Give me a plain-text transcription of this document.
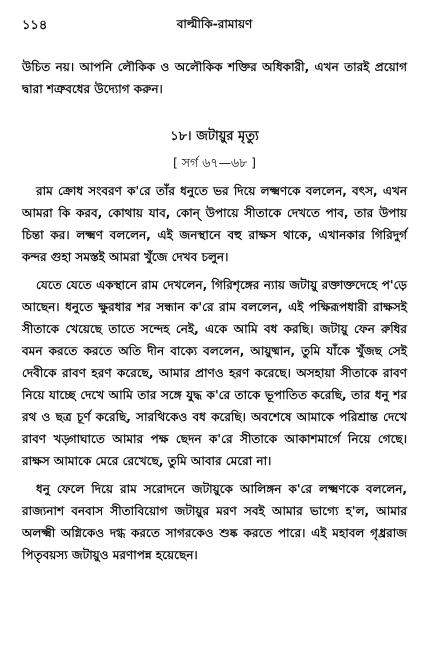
১১৪	বাল্মীকি-রামায়ণ

উচিত নয়। আপনি লৌকিক ও অলৌকিক শক্তির অধিকারী, এখন তারই প্রয়োগ দ্বারা শত্রুবধের উদ্যোগ করুন।

১৮। জটায়ুর মৃত্যু
[ সর্গ ৬৭—৬৮ ]

রাম ক্রোধ সংবরণ ক'রে তাঁর ধনুতে ভর দিয়ে লক্ষ্মণকে বললেন, বৎস, এখন আমরা কি করব, কোথায় যাব, কোন্ উপায়ে সীতাকে দেখতে পাব, তার উপায় চিন্তা কর। লক্ষ্মণ বললেন, এই জনস্থানে বহু রাক্ষস থাকে, এখানকার গিরিদুর্গ কন্দর গুহা সমস্তই আমরা খুঁজে দেখব চলুন।

যেতে যেতে একস্থানে রাম দেখলেন, গিরিশৃঙ্গের ন্যায় জটায়ু রক্তাক্তদেহে প'ড়ে আছেন। ধনুতে ক্ষুরধার শর সন্ধান ক'রে রাম বললেন, এই পক্ষিরূপধারী রাক্ষসই সীতাকে খেয়েছে তাতে সন্দেহ নেই, একে আমি বধ করছি। জটায়ু ফেন রুধির বমন করতে করতে অতি দীন বাক্যে বললেন, আয়ুষ্মান, তুমি যাঁকে খুঁজছ সেই দেবীকে রাবণ হরণ করেছে, আমার প্রাণও হরণ করেছে। অসহায়া সীতাকে রাবণ নিয়ে যাচ্ছে দেখে আমি তার সঙ্গে যুদ্ধ ক'রে তাকে ভূপাতিত করেছি, তার ধনু শর রথ ও ছত্র চূর্ণ করেছি, সারথিকেও বধ করেছি। অবশেষে আমাকে পরিশ্রান্ত দেখে রাবণ খড়্গাঘাতে আমার পক্ষ ছেদন ক'রে সীতাকে আকাশমার্গে নিয়ে গেছে। রাক্ষস আমাকে মেরে রেখেছে, তুমি আবার মেরো না।

ধনু ফেলে দিয়ে রাম সরোদনে জটায়ুকে আলিঙ্গন ক'রে লক্ষ্মণকে বললেন, রাজ্যনাশ বনবাস সীতাবিয়োগ জটায়ুর মরণ সবই আমার ভাগ্যে হ'ল, আমার অলক্ষ্মী অগ্নিকেও দগ্ধ করতে সাগরকেও শুষ্ক করতে পারে। এই মহাবল গৃধ্ররাজ পিতৃবয়স্য জটায়ুও মরণাপন্ন হয়েছেন।
